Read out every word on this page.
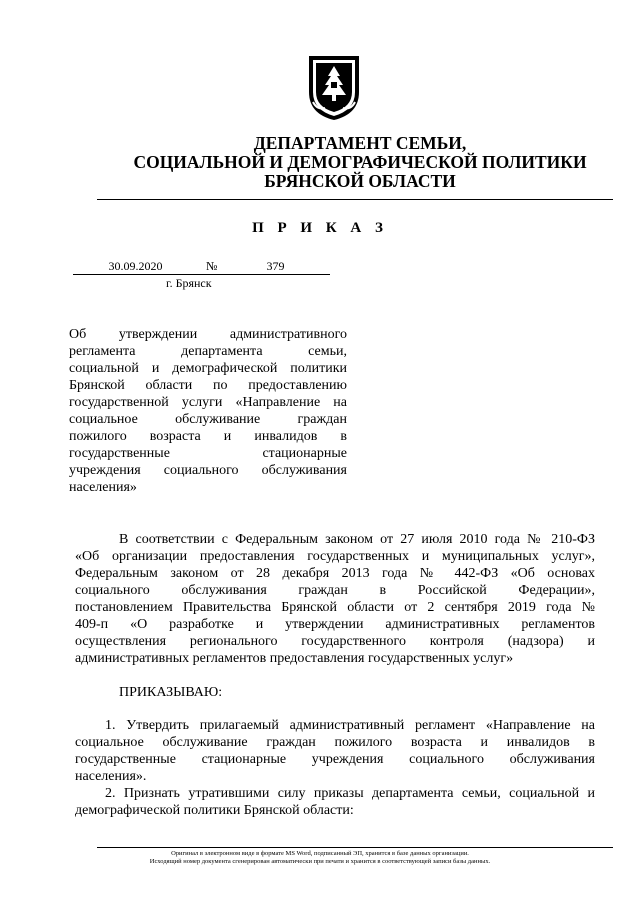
ДЕПАРТАМЕНТ СЕМЬИ,
СОЦИАЛЬНОЙ И ДЕМОГРАФИЧЕСКОЙ ПОЛИТИКИ
БРЯНСКОЙ ОБЛАСТИ
П Р И К А З
30.09.2020	№	379
г. Брянск
Об утверждении административного
регламента департамента семьи,
социальной и демографической политики
Брянской области по предоставлению
государственной услуги «Направление на
социальное обслуживание граждан
пожилого возраста и инвалидов в
государственные стационарные
учреждения социального обслуживания
населения»
В соответствии с Федеральным законом от 27 июля 2010 года № 210-ФЗ
«Об организации предоставления государственных и муниципальных услуг»,
Федеральным законом от 28 декабря 2013 года № 442-ФЗ «Об основах
социального обслуживания граждан в Российской Федерации»,
постановлением Правительства Брянской области от 2 сентября 2019 года №
409-п «О разработке и утверждении административных регламентов
осуществления регионального государственного контроля (надзора) и
административных регламентов предоставления государственных услуг»
ПРИКАЗЫВАЮ:
1. Утвердить прилагаемый административный регламент «Направление на
социальное обслуживание граждан пожилого возраста и инвалидов в
государственные стационарные учреждения социального обслуживания
населения».
2. Признать утратившими силу приказы департамента семьи, социальной и
демографической политики Брянской области:
Оригинал в электронном виде в формате MS Word, подписанный ЭП, хранится в базе данных организации.
Исходящий номер документа сгенерирован автоматически при печати и хранится в соответствующей записи базы данных.
